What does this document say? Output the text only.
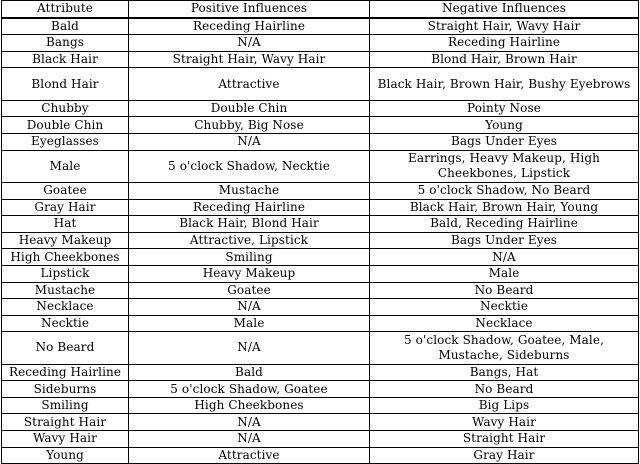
Attribute	Positive Influences	Negative Influences
Bald	Receding Hairline	Straight Hair, Wavy Hair
Bangs	N/A	Receding Hairline
Black Hair	Straight Hair, Wavy Hair	Blond Hair, Brown Hair
Blond Hair	Attractive	Black Hair, Brown Hair, Bushy Eyebrows
Chubby	Double Chin	Pointy Nose
Double Chin	Chubby, Big Nose	Young
Eyeglasses	N/A	Bags Under Eyes
Male	5 o'clock Shadow, Necktie	Earrings, Heavy Makeup, High Cheekbones, Lipstick
Goatee	Mustache	5 o'clock Shadow, No Beard
Gray Hair	Receding Hairline	Black Hair, Brown Hair, Young
Hat	Black Hair, Blond Hair	Bald, Receding Hairline
Heavy Makeup	Attractive, Lipstick	Bags Under Eyes
High Cheekbones	Smiling	N/A
Lipstick	Heavy Makeup	Male
Mustache	Goatee	No Beard
Necklace	N/A	Necktie
Necktie	Male	Necklace
No Beard	N/A	5 o'clock Shadow, Goatee, Male, Mustache, Sideburns
Receding Hairline	Bald	Bangs, Hat
Sideburns	5 o'clock Shadow, Goatee	No Beard
Smiling	High Cheekbones	Big Lips
Straight Hair	N/A	Wavy Hair
Wavy Hair	N/A	Straight Hair
Young	Attractive	Gray Hair
